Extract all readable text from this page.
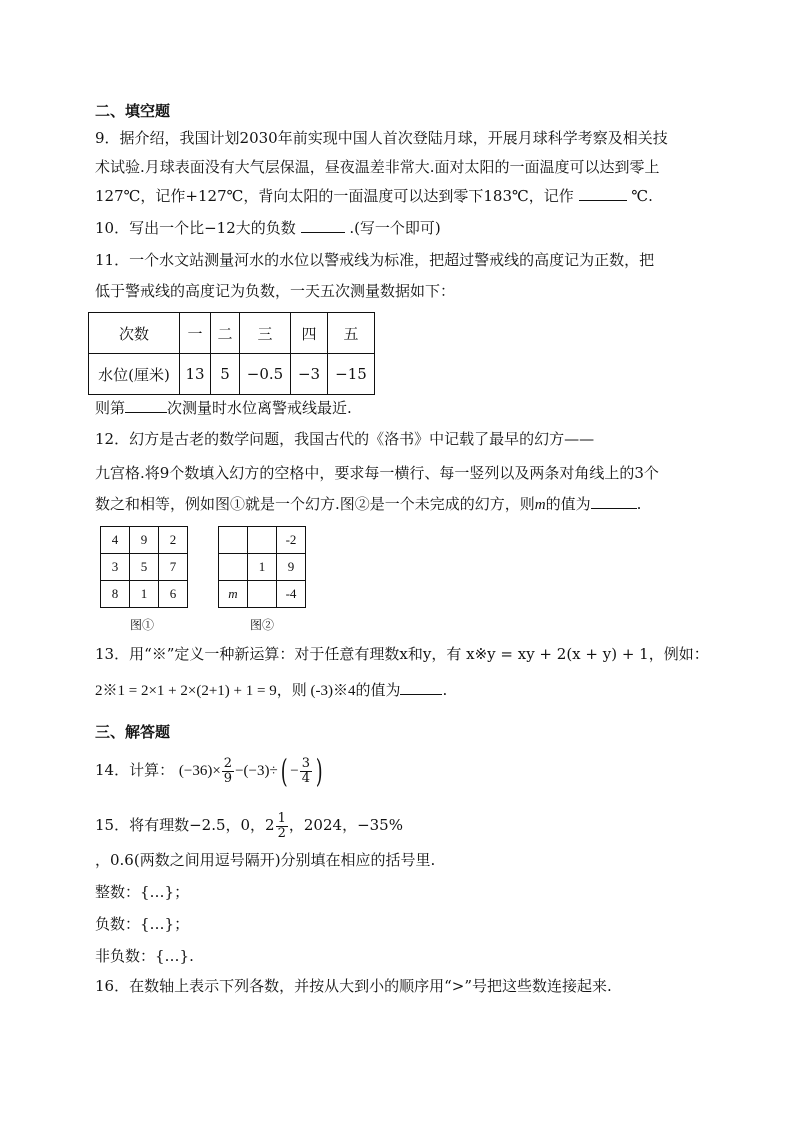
二、填空题
9．据介绍，我国计划2030年前实现中国人首次登陆月球，开展月球科学考察及相关技
术试验.月球表面没有大气层保温，昼夜温差非常大.面对太阳的一面温度可以达到零上
127℃，记作+127℃，背向太阳的一面温度可以达到零下183℃，记作	℃.
10．写出一个比−12大的负数	.(写一个即可)
11．一个水文站测量河水的水位以警戒线为标准，把超过警戒线的高度记为正数，把
低于警戒线的高度记为负数，一天五次测量数据如下：
次数	一	二	三	四	五
水位(厘米)	13	5	−0.5	−3	−15
则第	次测量时水位离警戒线最近.
12．幻方是古老的数学问题，我国古代的《洛书》中记载了最早的幻方——
九宫格.将9个数填入幻方的空格中，要求每一横行、每一竖列以及两条对角线上的3个
数之和相等，例如图①就是一个幻方.图②是一个未完成的幻方，则m的值为	.
4	9	2
3	5	7
8	1	6
图①
		-2
	1	9
m		-4
图②
13．用“※”定义一种新运算：对于任意有理数x和y，有 x※y = xy + 2(x + y) + 1，例如：
2※1 = 2×1 + 2×(2+1) + 1 = 9，则 (-3)※4的值为	.
三、解答题
14．计算： $(-36)\times \frac{2}{9} -(-3)\div( - \frac{3}{4}$ )
15．将有理数−2.5，0，$2 \frac{1}{2}$ ，2024，−35%
，0.6(两数之间用逗号隔开)分别填在相应的括号里.
整数：{…}；
负数：{…}；
非负数：{…}.
16．在数轴上表示下列各数，并按从大到小的顺序用“>”号把这些数连接起来.
